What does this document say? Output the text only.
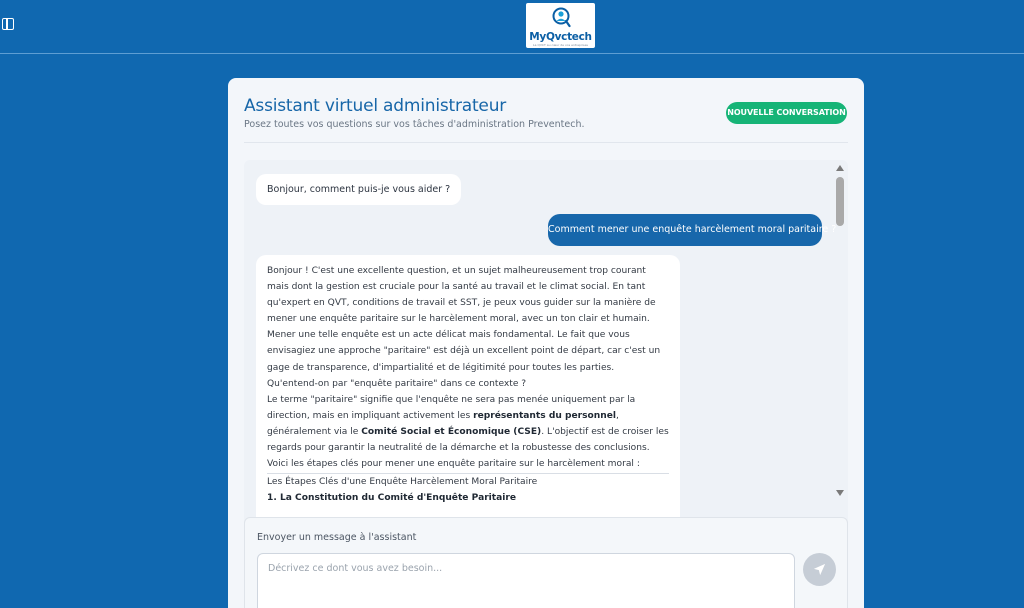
MyQvctech
La QVCT au cœur de vos entreprises
Assistant virtuel administrateur
Posez toutes vos questions sur vos tâches d'administration Preventech.
NOUVELLE CONVERSATION
Bonjour, comment puis-je vous aider ?
Comment mener une enquête harcèlement moral paritaire ?

Bonjour ! C'est une excellente question, et un sujet malheureusement trop courant mais dont la gestion est cruciale pour la santé au travail et le climat social. En tant qu'expert en QVT, conditions de travail et SST, je peux vous guider sur la manière de mener une enquête paritaire sur le harcèlement moral, avec un ton clair et humain.

Mener une telle enquête est un acte délicat mais fondamental. Le fait que vous envisagiez une approche "paritaire" est déjà un excellent point de départ, car c'est un gage de transparence, d'impartialité et de légitimité pour toutes les parties.

Qu'entend-on par "enquête paritaire" dans ce contexte ?

Le terme "paritaire" signifie que l'enquête ne sera pas menée uniquement par la direction, mais en impliquant activement les représentants du personnel, généralement via le Comité Social et Économique (CSE). L'objectif est de croiser les regards pour garantir la neutralité de la démarche et la robustesse des conclusions.

Voici les étapes clés pour mener une enquête paritaire sur le harcèlement moral :

Les Étapes Clés d'une Enquête Harcèlement Moral Paritaire

1. La Constitution du Comité d'Enquête Paritaire

Envoyer un message à l'assistant
Décrivez ce dont vous avez besoin...
